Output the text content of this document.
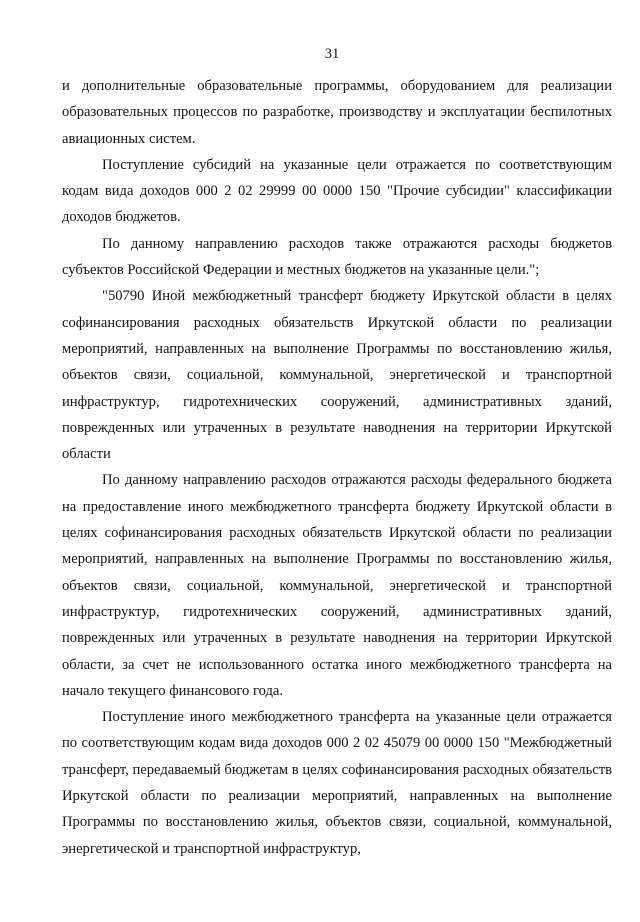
31

и дополнительные образовательные программы, оборудованием для реализации образовательных процессов по разработке, производству и эксплуатации беспилотных авиационных систем.

Поступление субсидий на указанные цели отражается по соответствующим кодам вида доходов 000 2 02 29999 00 0000 150 "Прочие субсидии" классификации доходов бюджетов.

По данному направлению расходов также отражаются расходы бюджетов субъектов Российской Федерации и местных бюджетов на указанные цели.";

"50790 Иной межбюджетный трансферт бюджету Иркутской области в целях софинансирования расходных обязательств Иркутской области по реализации мероприятий, направленных на выполнение Программы по восстановлению жилья, объектов связи, социальной, коммунальной, энергетической и транспортной инфраструктур, гидротехнических сооружений, административных зданий, поврежденных или утраченных в результате наводнения на территории Иркутской области

По данному направлению расходов отражаются расходы федерального бюджета на предоставление иного межбюджетного трансферта бюджету Иркутской области в целях софинансирования расходных обязательств Иркутской области по реализации мероприятий, направленных на выполнение Программы по восстановлению жилья, объектов связи, социальной, коммунальной, энергетической и транспортной инфраструктур, гидротехнических сооружений, административных зданий, поврежденных или утраченных в результате наводнения на территории Иркутской области, за счет не использованного остатка иного межбюджетного трансферта на начало текущего финансового года.

Поступление иного межбюджетного трансферта на указанные цели отражается по соответствующим кодам вида доходов 000 2 02 45079 00 0000 150 "Межбюджетный трансферт, передаваемый бюджетам в целях софинансирования расходных обязательств Иркутской области по реализации мероприятий, направленных на выполнение Программы по восстановлению жилья, объектов связи, социальной, коммунальной, энергетической и транспортной инфраструктур,
